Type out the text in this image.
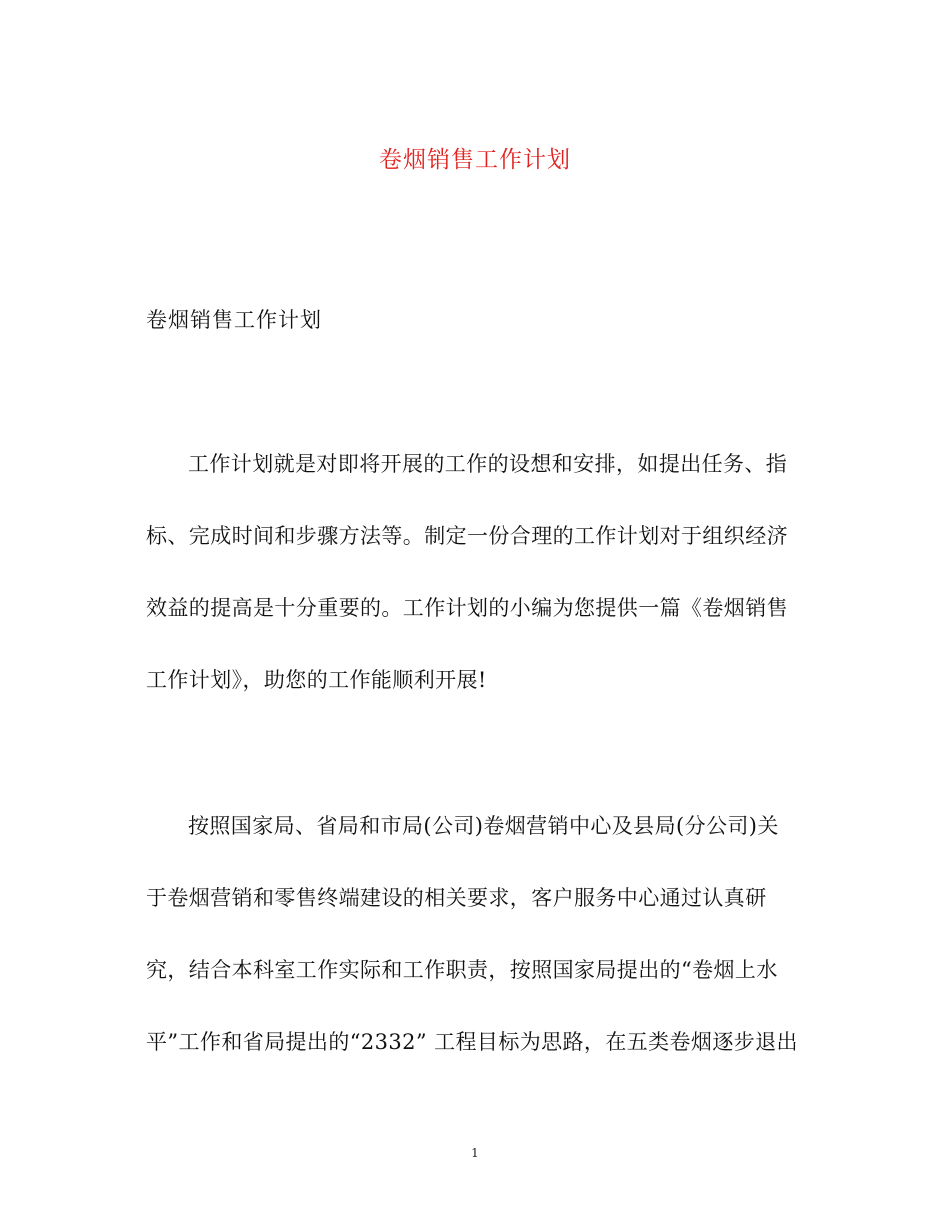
卷烟销售工作计划
卷烟销售工作计划
工作计划就是对即将开展的工作的设想和安排，如提出任务、指
标、完成时间和步骤方法等。制定一份合理的工作计划对于组织经济
效益的提高是十分重要的。工作计划的小编为您提供一篇《卷烟销售
工作计划》，助您的工作能顺利开展!
按照国家局、省局和市局(公司)卷烟营销中心及县局(分公司)关
于卷烟营销和零售终端建设的相关要求，客户服务中心通过认真研
究，结合本科室工作实际和工作职责，按照国家局提出的“卷烟上水
平”工作和省局提出的“2332” 工程目标为思路，在五类卷烟逐步退出
1
